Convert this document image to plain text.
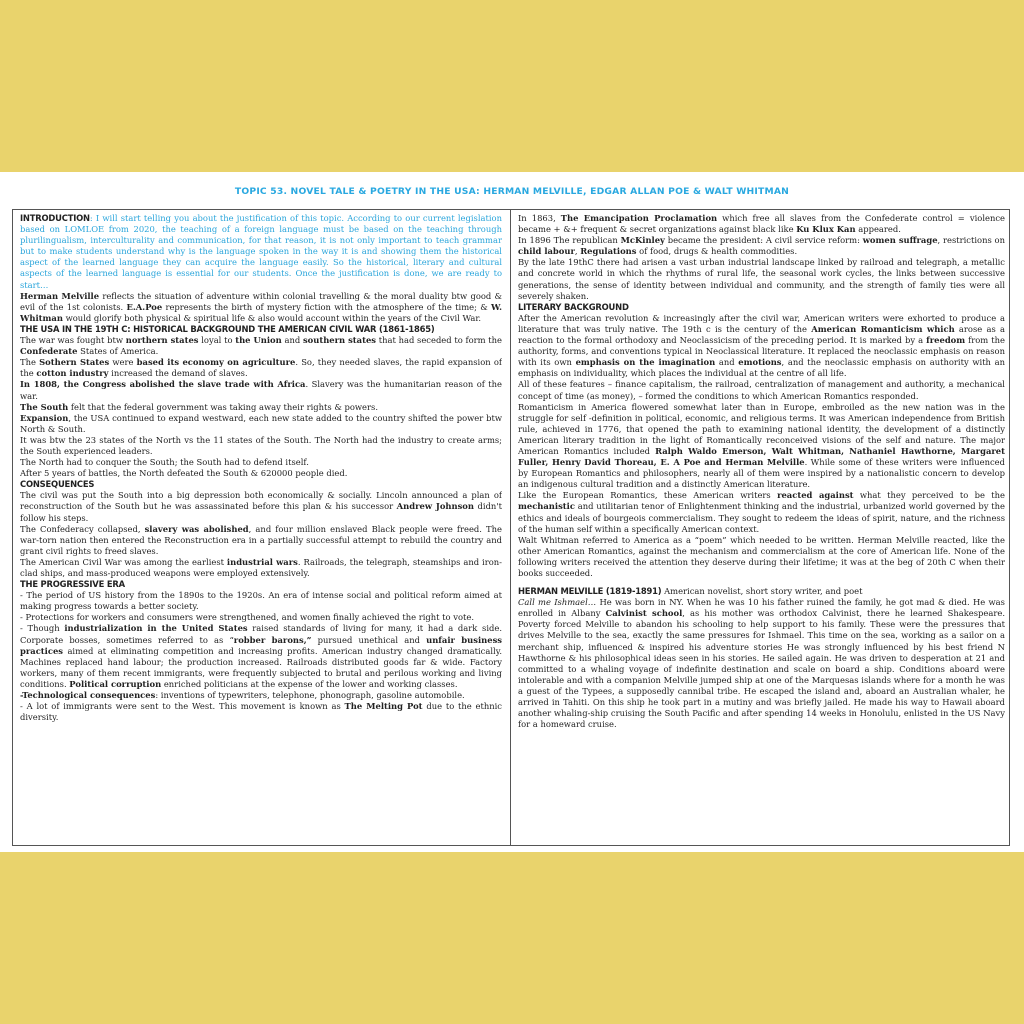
TOPIC 53. NOVEL TALE & POETRY IN THE USA: HERMAN MELVILLE, EDGAR ALLAN POE & WALT WHITMAN

INTRODUCTION: I will start telling you about the justification of this topic. According to our current legislation based on LOMLOE from 2020, the teaching of a foreign language must be based on the teaching through plurilingualism, interculturality and communication, for that reason, it is not only important to teach grammar but to make students understand why is the language spoken in the way it is and showing them the historical aspect of the learned language they can acquire the language easily. So the historical, literary and cultural aspects of the learned language is essential for our students. Once the justification is done, we are ready to start…

Herman Melville reflects the situation of adventure within colonial travelling & the moral duality btw good & evil of the 1st colonists. E.A.Poe represents the birth of mystery fiction with the atmosphere of the time; & W. Whitman would glorify both physical & spiritual life & also would account within the years of the Civil War.

THE USA IN THE 19TH C: HISTORICAL BACKGROUND THE AMERICAN CIVIL WAR (1861-1865)

The war was fought btw northern states loyal to the Union and southern states that had seceded to form the Confederate States of America.

The Sothern States were based its economy on agriculture. So, they needed slaves, the rapid expansion of the cotton industry increased the demand of slaves.

In 1808, the Congress abolished the slave trade with Africa. Slavery was the humanitarian reason of the war.

The South felt that the federal government was taking away their rights & powers.

Expansion, the USA continued to expand westward, each new state added to the country shifted the power btw North & South.

It was btw the 23 states of the North vs the 11 states of the South. The North had the industry to create arms; the South experienced leaders.

The North had to conquer the South; the South had to defend itself.

After 5 years of battles, the North defeated the South & 620000 people died.

CONSEQUENCES

The civil was put the South into a big depression both economically & socially. Lincoln announced a plan of reconstruction of the South but he was assassinated before this plan & his successor Andrew Johnson didn't follow his steps.

The Confederacy collapsed, slavery was abolished, and four million enslaved Black people were freed. The war-torn nation then entered the Reconstruction era in a partially successful attempt to rebuild the country and grant civil rights to freed slaves.

The American Civil War was among the earliest industrial wars. Railroads, the telegraph, steamships and iron-clad ships, and mass-produced weapons were employed extensively.

THE PROGRESSIVE ERA

- The period of US history from the 1890s to the 1920s. An era of intense social and political reform aimed at making progress towards a better society.

- Protections for workers and consumers were strengthened, and women finally achieved the right to vote.

- Though industrialization in the United States raised standards of living for many, it had a dark side. Corporate bosses, sometimes referred to as “robber barons,” pursued unethical and unfair business practices aimed at eliminating competition and increasing profits. American industry changed dramatically. Machines replaced hand labour; the production increased. Railroads distributed goods far & wide. Factory workers, many of them recent immigrants, were frequently subjected to brutal and perilous working and living conditions. Political corruption enriched politicians at the expense of the lower and working classes.

-Technological consequences: inventions of typewriters, telephone, phonograph, gasoline automobile.

- A lot of immigrants were sent to the West. This movement is known as The Melting Pot due to the ethnic diversity.

In 1863, The Emancipation Proclamation which free all slaves from the Confederate control = violence became + &+ frequent & secret organizations against black like Ku Klux Kan appeared.

In 1896 The republican McKinley became the president: A civil service reform: women suffrage, restrictions on child labour, Regulations of food, drugs & health commodities.

By the late 19thC there had arisen a vast urban industrial landscape linked by railroad and telegraph, a metallic and concrete world in which the rhythms of rural life, the seasonal work cycles, the links between successive generations, the sense of identity between individual and community, and the strength of family ties were all severely shaken.

LITERARY BACKGROUND

After the American revolution & increasingly after the civil war, American writers were exhorted to produce a literature that was truly native. The 19th c is the century of the American Romanticism which arose as a reaction to the formal orthodoxy and Neoclassicism of the preceding period. It is marked by a freedom from the authority, forms, and conventions typical in Neoclassical literature. It replaced the neoclassic emphasis on reason with its own emphasis on the imagination and emotions, and the neoclassic emphasis on authority with an emphasis on individuality, which places the individual at the centre of all life.

All of these features – finance capitalism, the railroad, centralization of management and authority, a mechanical concept of time (as money), – formed the conditions to which American Romantics responded.

Romanticism in America flowered somewhat later than in Europe, embroiled as the new nation was in the struggle for self -definition in political, economic, and religious terms. It was American independence from British rule, achieved in 1776, that opened the path to examining national identity, the development of a distinctly American literary tradition in the light of Romantically reconceived visions of the self and nature. The major American Romantics included Ralph Waldo Emerson, Walt Whitman, Nathaniel Hawthorne, Margaret Fuller, Henry David Thoreau, E. A Poe and Herman Melville. While some of these writers were influenced by European Romantics and philosophers, nearly all of them were inspired by a nationalistic concern to develop an indigenous cultural tradition and a distinctly American literature.

Like the European Romantics, these American writers reacted against what they perceived to be the mechanistic and utilitarian tenor of Enlightenment thinking and the industrial, urbanized world governed by the ethics and ideals of bourgeois commercialism. They sought to redeem the ideas of spirit, nature, and the richness of the human self within a specifically American context.

Walt Whitman referred to America as a “poem” which needed to be written. Herman Melville reacted, like the other American Romantics, against the mechanism and commercialism at the core of American life. None of the following writers received the attention they deserve during their lifetime; it was at the beg of 20th C when their books succeeded.

HERMAN MELVILLE (1819-1891) American novelist, short story writer, and poet

Call me Ishmael… He was born in NY. When he was 10 his father ruined the family, he got mad & died. He was enrolled in Albany Calvinist school, as his mother was orthodox Calvinist, there he learned Shakespeare. Poverty forced Melville to abandon his schooling to help support to his family. These were the pressures that drives Melville to the sea, exactly the same pressures for Ishmael. This time on the sea, working as a sailor on a merchant ship, influenced & inspired his adventure stories He was strongly influenced by his best friend N Hawthorne & his philosophical ideas seen in his stories. He sailed again. He was driven to desperation at 21 and committed to a whaling voyage of indefinite destination and scale on board a ship. Conditions aboard were intolerable and with a companion Melville jumped ship at one of the Marquesas islands where for a month he was a guest of the Typees, a supposedly cannibal tribe. He escaped the island and, aboard an Australian whaler, he arrived in Tahiti. On this ship he took part in a mutiny and was briefly jailed. He made his way to Hawaii aboard another whaling-ship cruising the South Pacific and after spending 14 weeks in Honolulu, enlisted in the US Navy for a homeward cruise.
